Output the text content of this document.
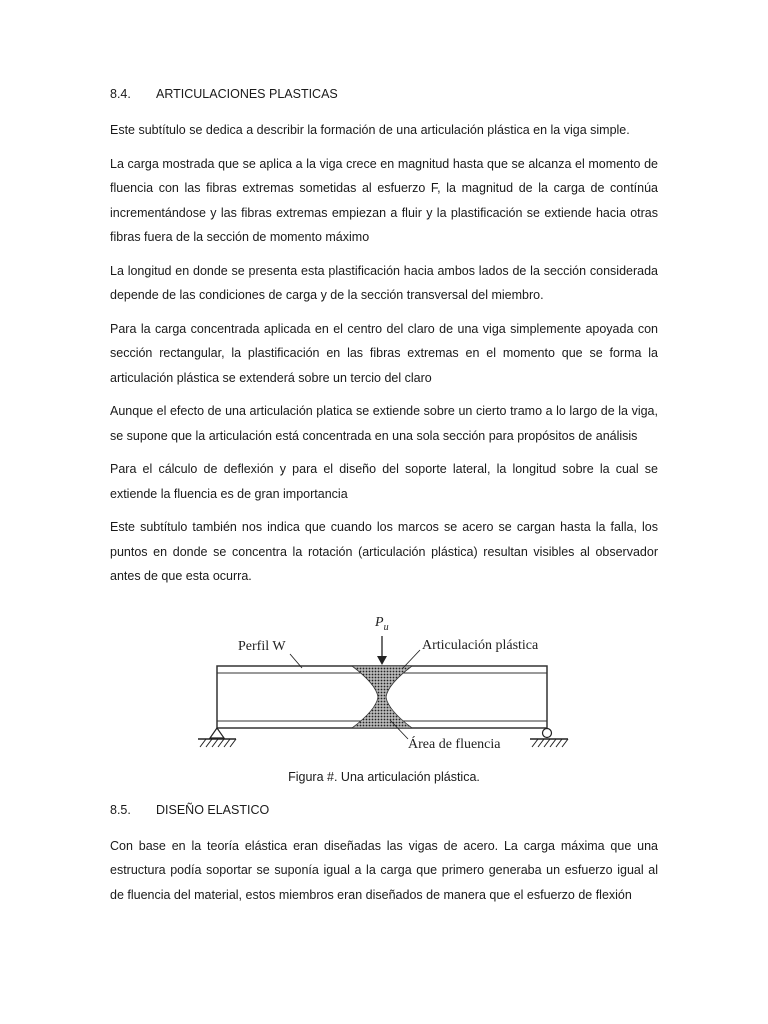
8.4.	ARTICULACIONES PLASTICAS

Este subtítulo se dedica a describir la formación de una articulación plástica en la viga simple.

La carga mostrada que se aplica a la viga crece en magnitud hasta que se alcanza el momento de fluencia con las fibras extremas sometidas al esfuerzo F, la magnitud de la carga de contínúa incrementándose y las fibras extremas empiezan a fluir y la plastificación se extiende hacia otras fibras fuera de la sección de momento máximo

La longitud en donde se presenta esta plastificación hacia ambos lados de la sección considerada depende de las condiciones de carga y de la sección transversal del miembro.

Para la carga concentrada aplicada en el centro del claro de una viga simplemente apoyada con sección rectangular, la plastificación en las fibras extremas en el momento que se forma la articulación plástica se extenderá sobre un tercio del claro

Aunque el efecto de una articulación platica se extiende sobre un cierto tramo a lo largo de la viga, se supone que la articulación está concentrada en una sola sección para propósitos de análisis

Para el cálculo de deflexión y para el diseño del soporte lateral, la longitud sobre la cual se extiende la fluencia es de gran importancia

Este subtítulo también nos indica que cuando los marcos se acero se cargan hasta la falla, los puntos en donde se concentra la rotación (articulación plástica) resultan visibles al observador antes de que esta ocurra.

$P_u$
Perfil W	Articulación plástica
Área de fluencia
Figura #. Una articulación plástica.
8.5.	DISEÑO ELASTICO

Con base en la teoría elástica eran diseñadas las vigas de acero. La carga máxima que una estructura podía soportar se suponía igual a la carga que primero generaba un esfuerzo igual al de fluencia del material, estos miembros eran diseñados de manera que el esfuerzo de flexión
